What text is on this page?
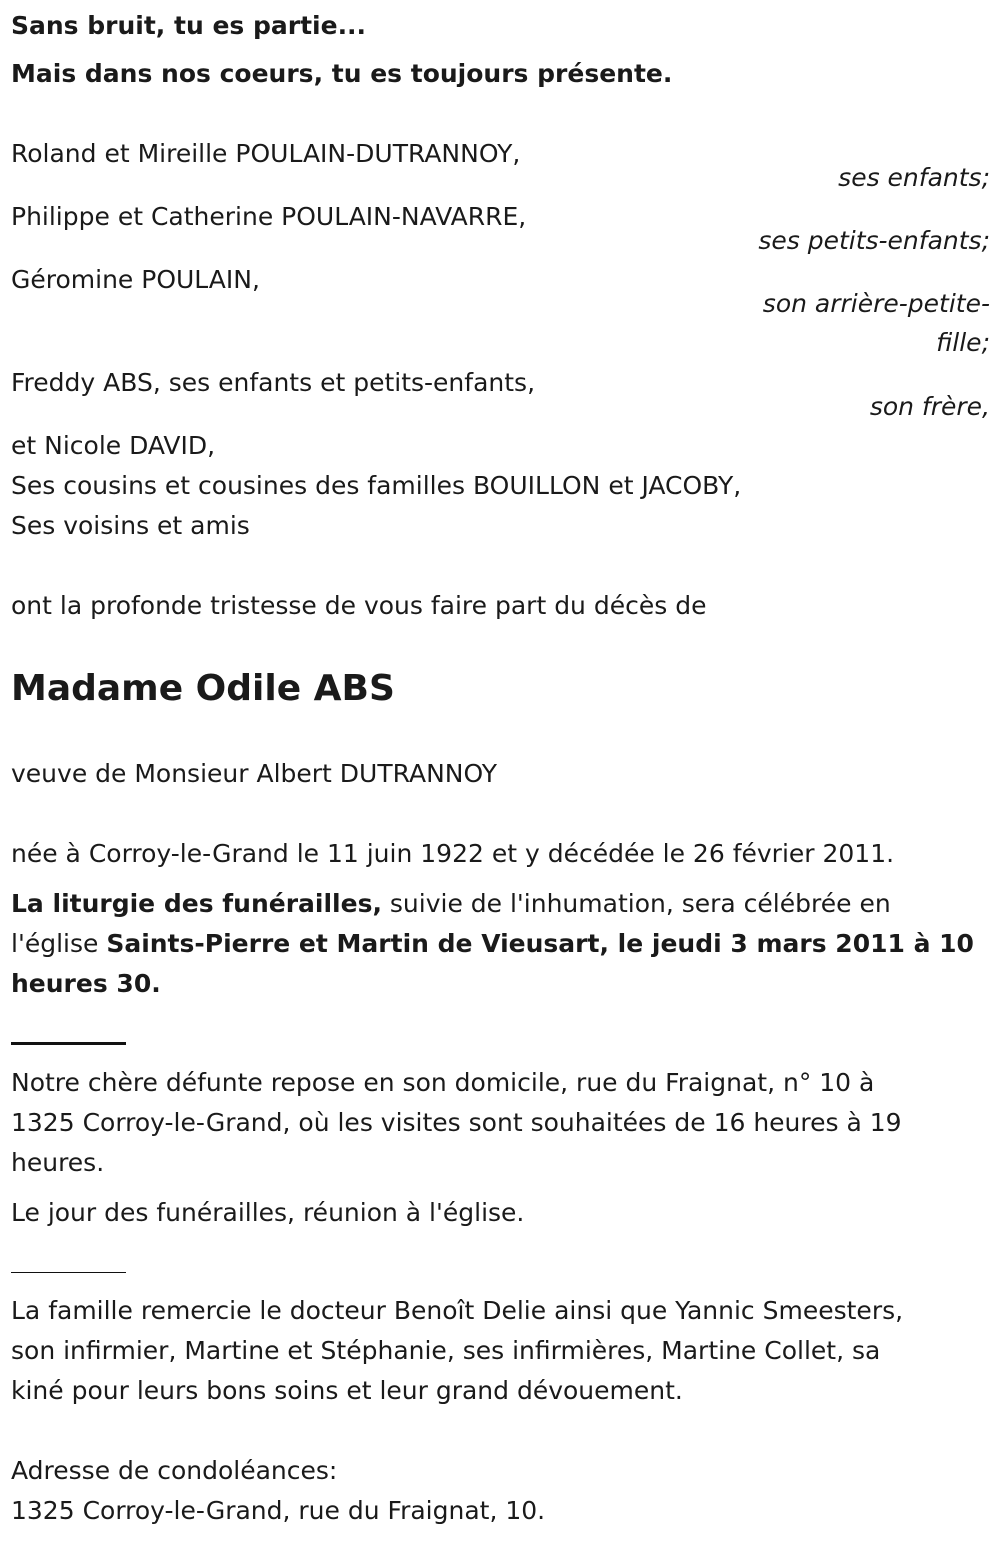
Sans bruit, tu es partie...
Mais dans nos coeurs, tu es toujours présente.
Roland et Mireille POULAIN-DUTRANNOY,
ses enfants;
Philippe et Catherine POULAIN-NAVARRE,
ses petits-enfants;
Géromine POULAIN,
son arrière-petite-
fille;
Freddy ABS, ses enfants et petits-enfants,
son frère,
et Nicole DAVID,
Ses cousins et cousines des familles BOUILLON et JACOBY,
Ses voisins et amis
ont la profonde tristesse de vous faire part du décès de
Madame Odile ABS
veuve de Monsieur Albert DUTRANNOY
née à Corroy-le-Grand le 11 juin 1922 et y décédée le 26 février 2011.
La liturgie des funérailles, suivie de l'inhumation, sera célébrée en
l'église Saints-Pierre et Martin de Vieusart, le jeudi 3 mars 2011 à 10
heures 30.
Notre chère défunte repose en son domicile, rue du Fraignat, n° 10 à
1325 Corroy-le-Grand, où les visites sont souhaitées de 16 heures à 19
heures.
Le jour des funérailles, réunion à l'église.
La famille remercie le docteur Benoît Delie ainsi que Yannic Smeesters,
son infirmier, Martine et Stéphanie, ses infirmières, Martine Collet, sa
kiné pour leurs bons soins et leur grand dévouement.
Adresse de condoléances:
1325 Corroy-le-Grand, rue du Fraignat, 10.
